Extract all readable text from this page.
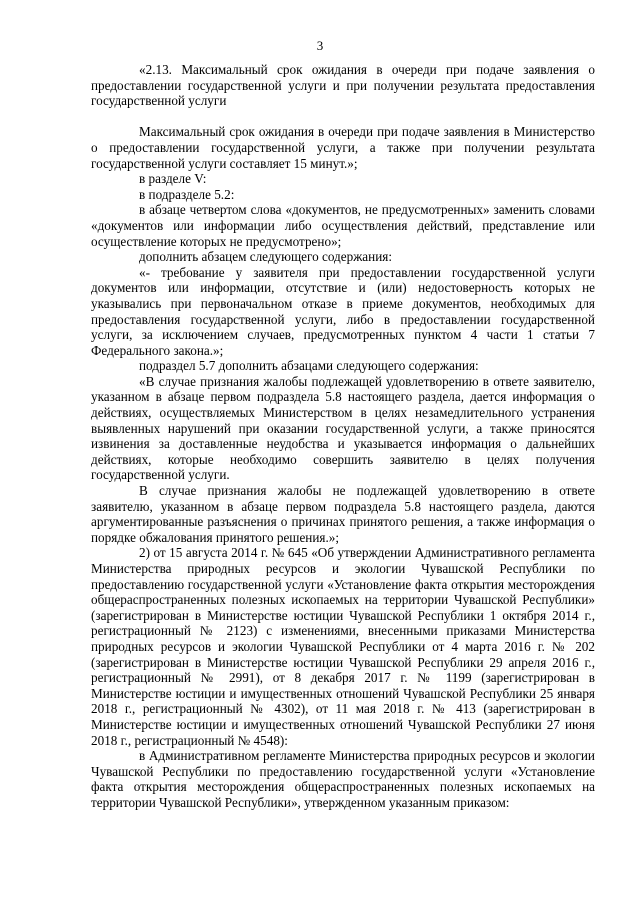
3

«2.13. Максимальный срок ожидания в очереди при подаче заявления о предоставлении государственной услуги и при получении результата предоставления государственной услуги

Максимальный срок ожидания в очереди при подаче заявления в Министерство о предоставлении государственной услуги, а также при получении результата государственной услуги составляет 15 минут.»;

в разделе V:

в подразделе 5.2:

в абзаце четвертом слова «документов, не предусмотренных» заменить словами «документов или информации либо осуществления действий, представление или осуществление которых не предусмотрено»;

дополнить абзацем следующего содержания:

«- требование у заявителя при предоставлении государственной услуги документов или информации, отсутствие и (или) недостоверность которых не указывались при первоначальном отказе в приеме документов, необходимых для предоставления государственной услуги, либо в предоставлении государственной услуги, за исключением случаев, предусмотренных пунктом 4 части 1 статьи 7 Федерального закона.»;

подраздел 5.7 дополнить абзацами следующего содержания:

«В случае признания жалобы подлежащей удовлетворению в ответе заявителю, указанном в абзаце первом подраздела 5.8 настоящего раздела, дается информация о действиях, осуществляемых Министерством в целях незамедлительного устранения выявленных нарушений при оказании государственной услуги, а также приносятся извинения за доставленные неудобства и указывается информация о дальнейших действиях, которые необходимо совершить заявителю в целях получения государственной услуги.

В случае признания жалобы не подлежащей удовлетворению в ответе заявителю, указанном в абзаце первом подраздела 5.8 настоящего раздела, даются аргументированные разъяснения о причинах принятого решения, а также информация о порядке обжалования принятого решения.»;

2) от 15 августа 2014 г. № 645 «Об утверждении Административного регламента Министерства природных ресурсов и экологии Чувашской Республики по предоставлению государственной услуги «Установление факта открытия месторождения общераспространенных полезных ископаемых на территории Чувашской Республики» (зарегистрирован в Министерстве юстиции Чувашской Республики 1 октября 2014 г., регистрационный № 2123) с изменениями, внесенными приказами Министерства природных ресурсов и экологии Чувашской Республики от 4 марта 2016 г. № 202 (зарегистрирован в Министерстве юстиции Чувашской Республики 29 апреля 2016 г., регистрационный № 2991), от 8 декабря 2017 г. № 1199 (зарегистрирован в Министерстве юстиции и имущественных отношений Чувашской Республики 25 января 2018 г., регистрационный № 4302), от 11 мая 2018 г. № 413 (зарегистрирован в Министерстве юстиции и имущественных отношений Чувашской Республики 27 июня 2018 г., регистрационный № 4548):

в Административном регламенте Министерства природных ресурсов и экологии Чувашской Республики по предоставлению государственной услуги «Установление факта открытия месторождения общераспространенных полезных ископаемых на территории Чувашской Республики», утвержденном указанным приказом:
